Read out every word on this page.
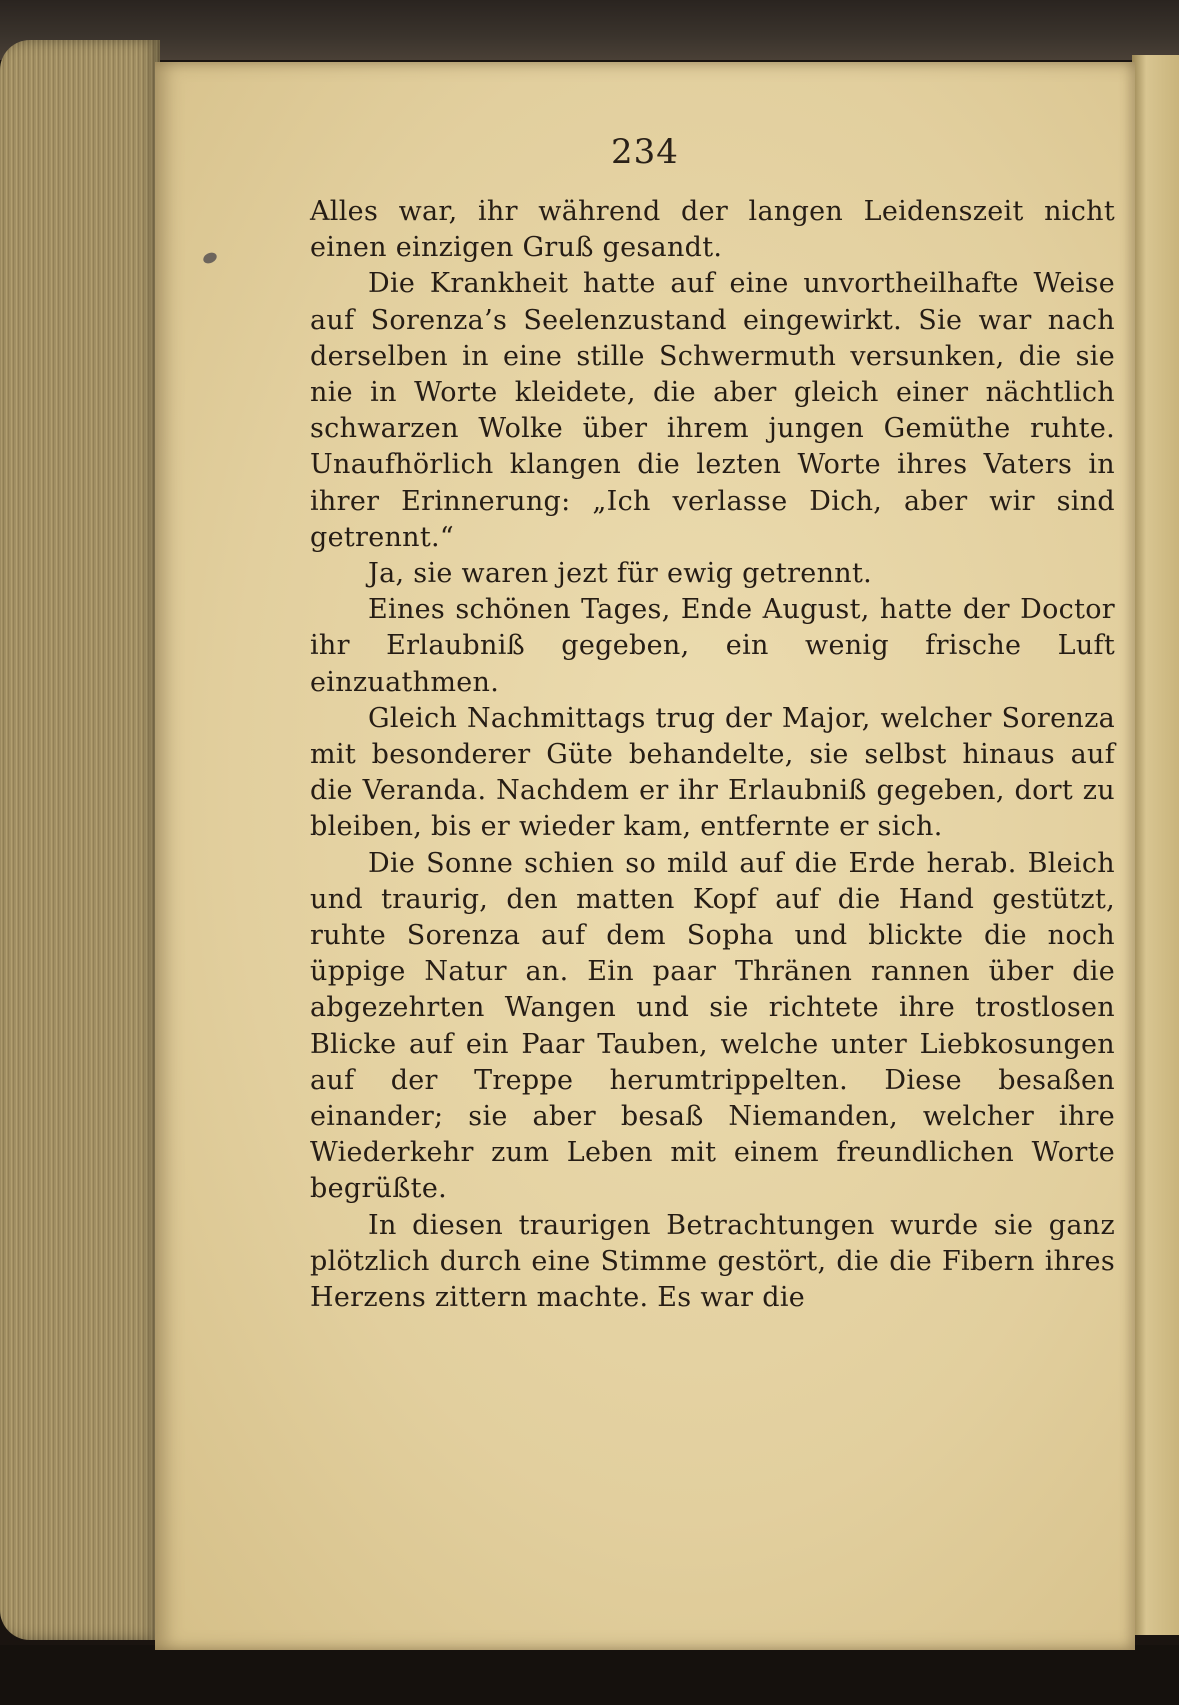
234

Alles war, ihr während der langen Leidenszeit nicht einen einzigen Gruß gesandt.

Die Krankheit hatte auf eine unvortheilhafte Weise auf Sorenza’s Seelenzustand eingewirkt. Sie war nach derselben in eine stille Schwermuth versunken, die sie nie in Worte kleidete, die aber gleich einer nächtlich schwarzen Wolke über ihrem jungen Gemüthe ruhte. Unaufhörlich klangen die lezten Worte ihres Vaters in ihrer Erinnerung: „Ich verlasse Dich, aber wir sind getrennt.“

Ja, sie waren jezt für ewig getrennt.

Eines schönen Tages, Ende August, hatte der Doctor ihr Erlaubniß gegeben, ein wenig frische Luft einzuathmen.

Gleich Nachmittags trug der Major, welcher Sorenza mit besonderer Güte behandelte, sie selbst hinaus auf die Veranda. Nachdem er ihr Erlaubniß gegeben, dort zu bleiben, bis er wieder kam, entfernte er sich.

Die Sonne schien so mild auf die Erde herab. Bleich und traurig, den matten Kopf auf die Hand gestützt, ruhte Sorenza auf dem Sopha und blickte die noch üppige Natur an. Ein paar Thränen rannen über die abgezehrten Wangen und sie richtete ihre trostlosen Blicke auf ein Paar Tauben, welche unter Liebkosungen auf der Treppe herumtrippelten. Diese besaßen einander; sie aber besaß Niemanden, welcher ihre Wiederkehr zum Leben mit einem freundlichen Worte begrüßte.

In diesen traurigen Betrachtungen wurde sie ganz plötzlich durch eine Stimme gestört, die die Fibern ihres Herzens zittern machte. Es war die
